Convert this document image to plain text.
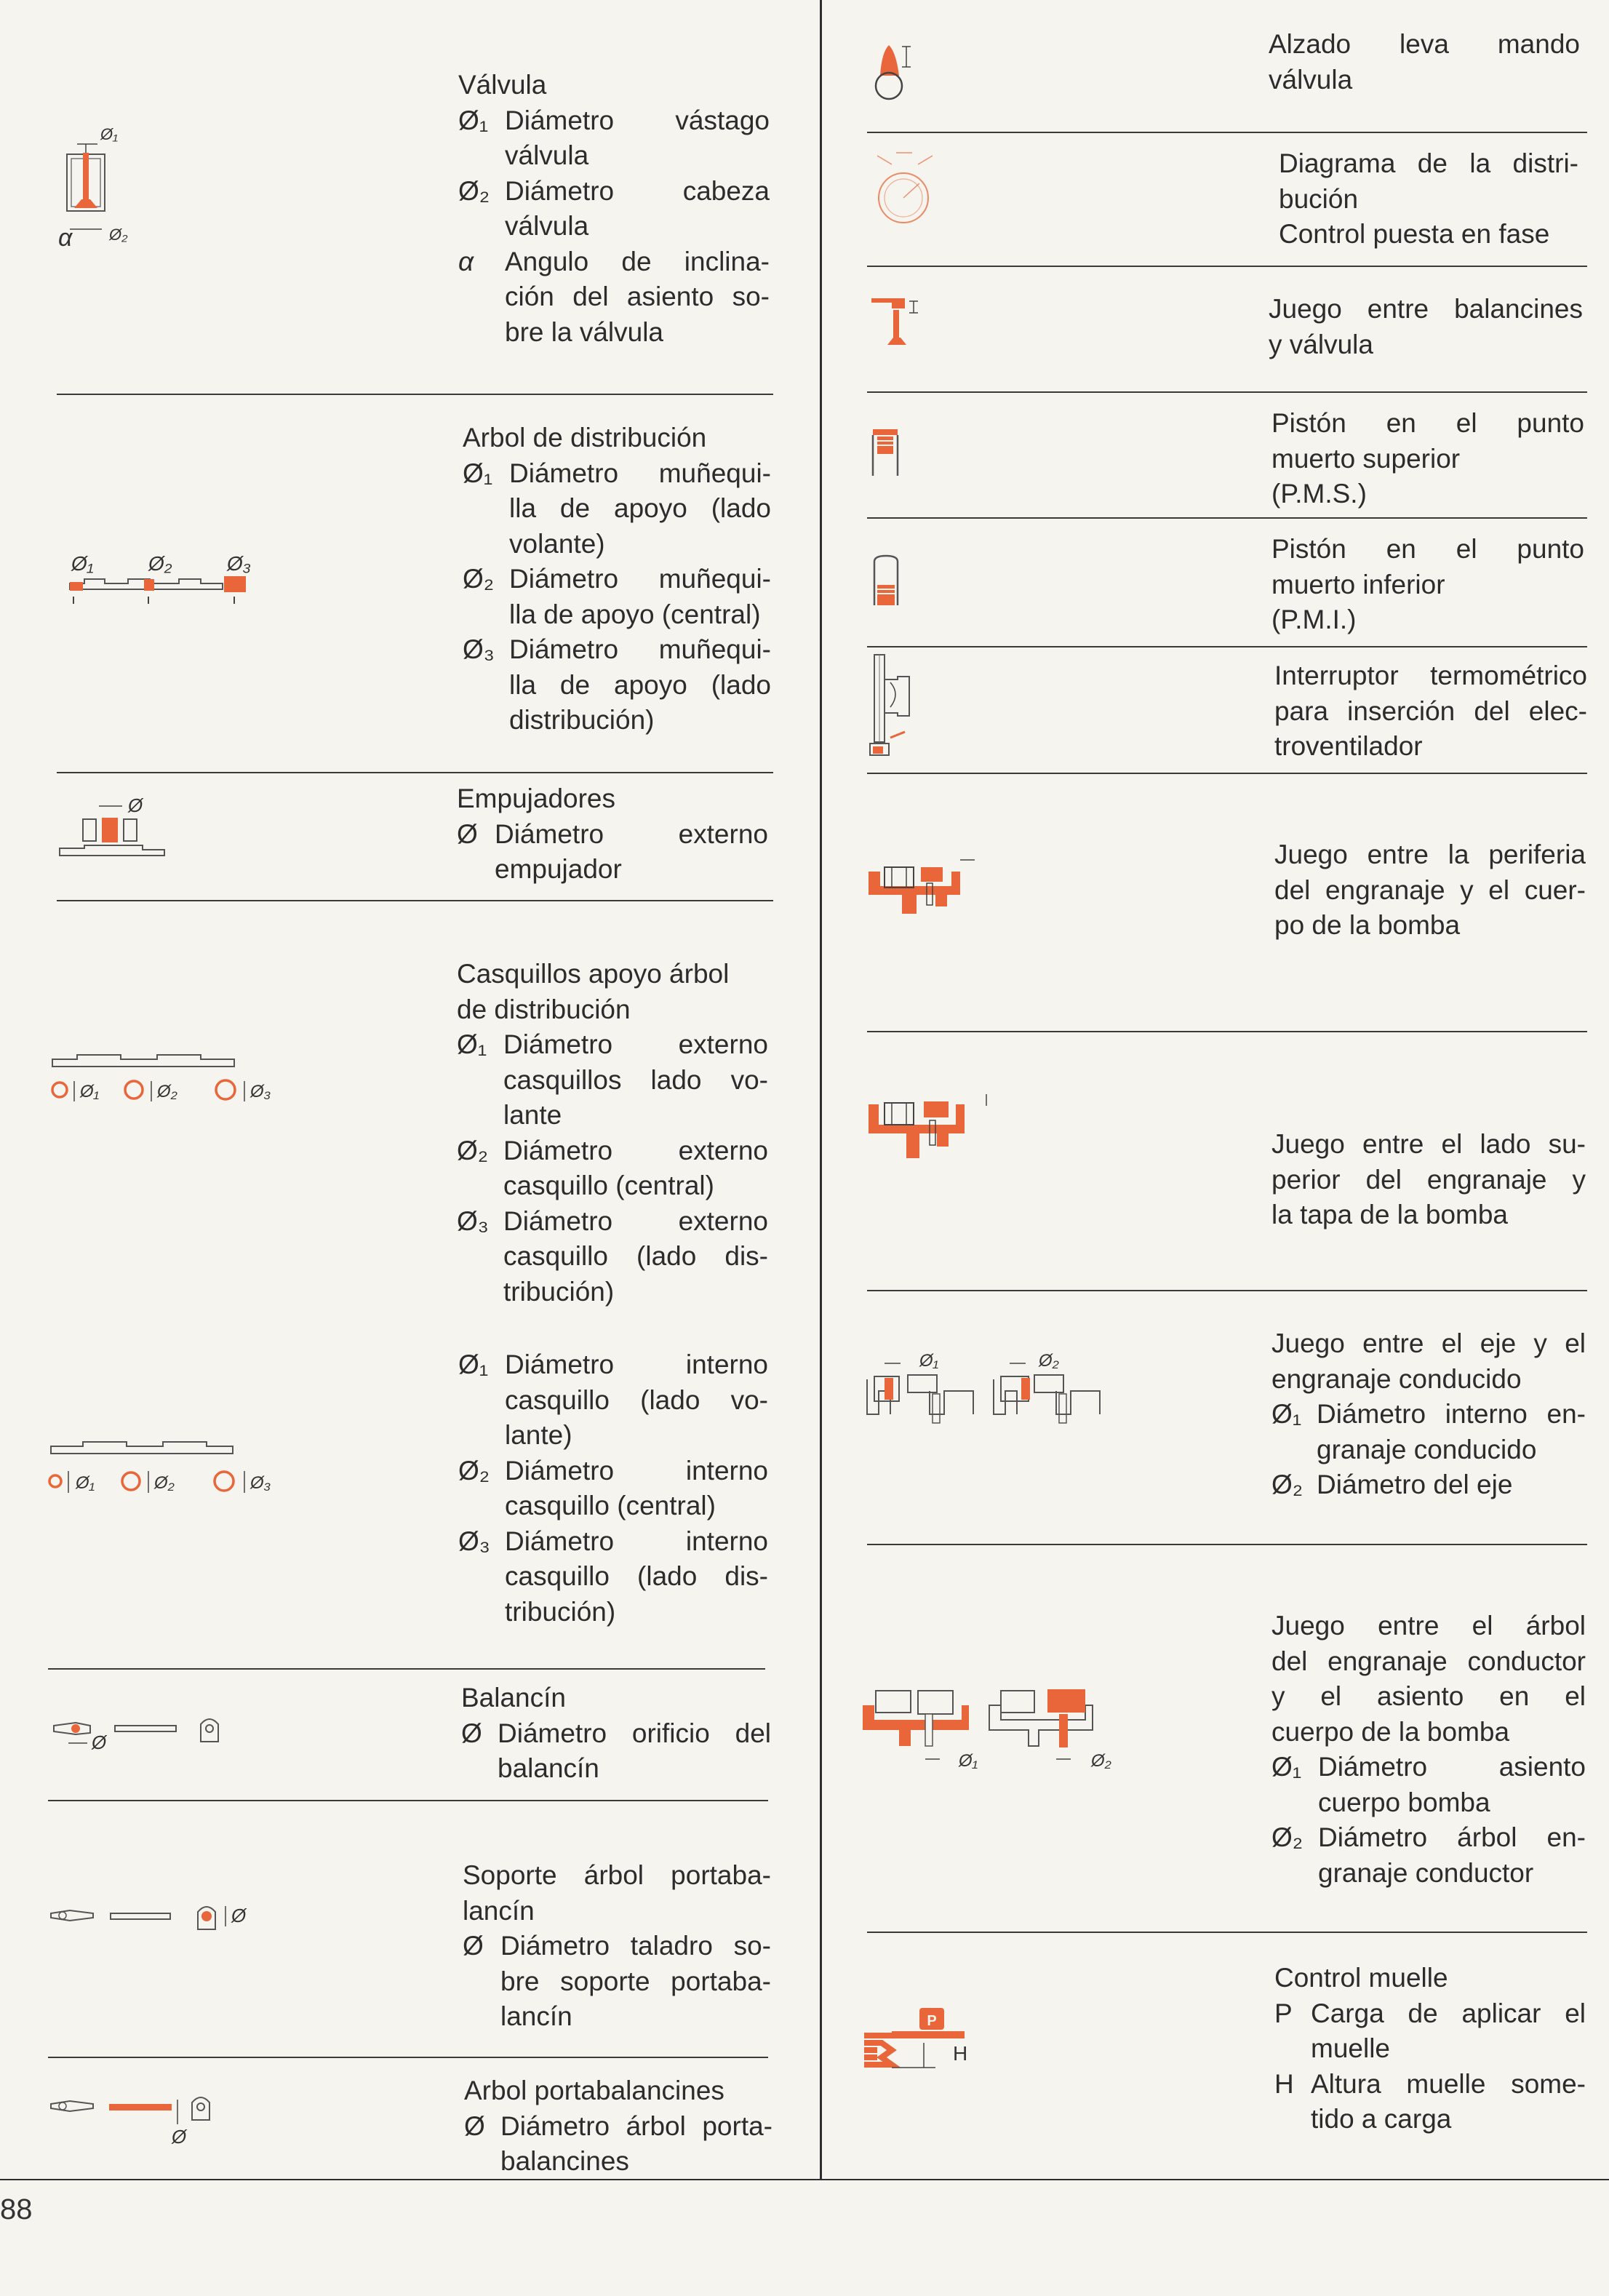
Ø₁
α Ø₂
Válvula
Ø₁ Diámetro vástago
válvula
Ø₂ Diámetro cabeza
válvula
α	Angulo de inclina-
ción del asiento so-
bre la válvula
Ø₁	Ø₂	Ø₃
Arbol de distribución
Ø₁ Diámetro muñequi-
lla de apoyo (lado
volante)
Ø₂ Diámetro muñequi-
lla de apoyo (central)
Ø₃ Diámetro muñequi-
lla de apoyo (lado
distribución)
Ø	Empujadores
Ø Diámetro externo
empujador
Ø₁	Ø₂	Ø₃
Casquillos apoyo árbol
de distribución
Ø₁ Diámetro externo
casquillos lado vo-
lante
Ø₂ Diámetro externo
casquillo (central)
Ø₃ Diámetro externo
casquillo (lado dis-
tribución)
Ø₁	Ø₂	Ø₃
Ø₁ Diámetro interno
casquillo (lado vo-
lante)
Ø₂ Diámetro interno
casquillo (central)
Ø₃ Diámetro interno
casquillo (lado dis-
tribución)
Ø
Balancín
Ø Diámetro orificio del
balancín
Ø
Soporte árbol portaba-
lancín
Ø Diámetro taladro so-
bre soporte portaba-
lancín
Ø
Arbol portabalancines
Ø Diámetro árbol porta-
balancines
Alzado leva mando
válvula
Diagrama de la distri-
bución
Control puesta en fase
Juego entre balancines
y válvula
Pistón en el punto
muerto superior
(P.M.S.)
Pistón en el punto
muerto inferior
(P.M.I.)
Interruptor termométrico
para inserción del elec-
troventilador
Juego entre la periferia
del engranaje y el cuer-
po de la bomba
Juego entre el lado su-
perior del engranaje y
la tapa de la bomba
Ø₁	Ø₂
Juego entre el eje y el
engranaje conducido
Ø₁ Diámetro interno en-
granaje conducido
Ø₂ Diámetro del eje
Ø₁	Ø₂
Juego entre el árbol
del engranaje conductor
y el asiento en el
cuerpo de la bomba
Ø₁ Diámetro asiento
cuerpo bomba
Ø₂ Diámetro árbol en-
granaje conductor
P
H
Control muelle
P Carga de aplicar el
muelle
H Altura muelle some-
tido a carga
88
